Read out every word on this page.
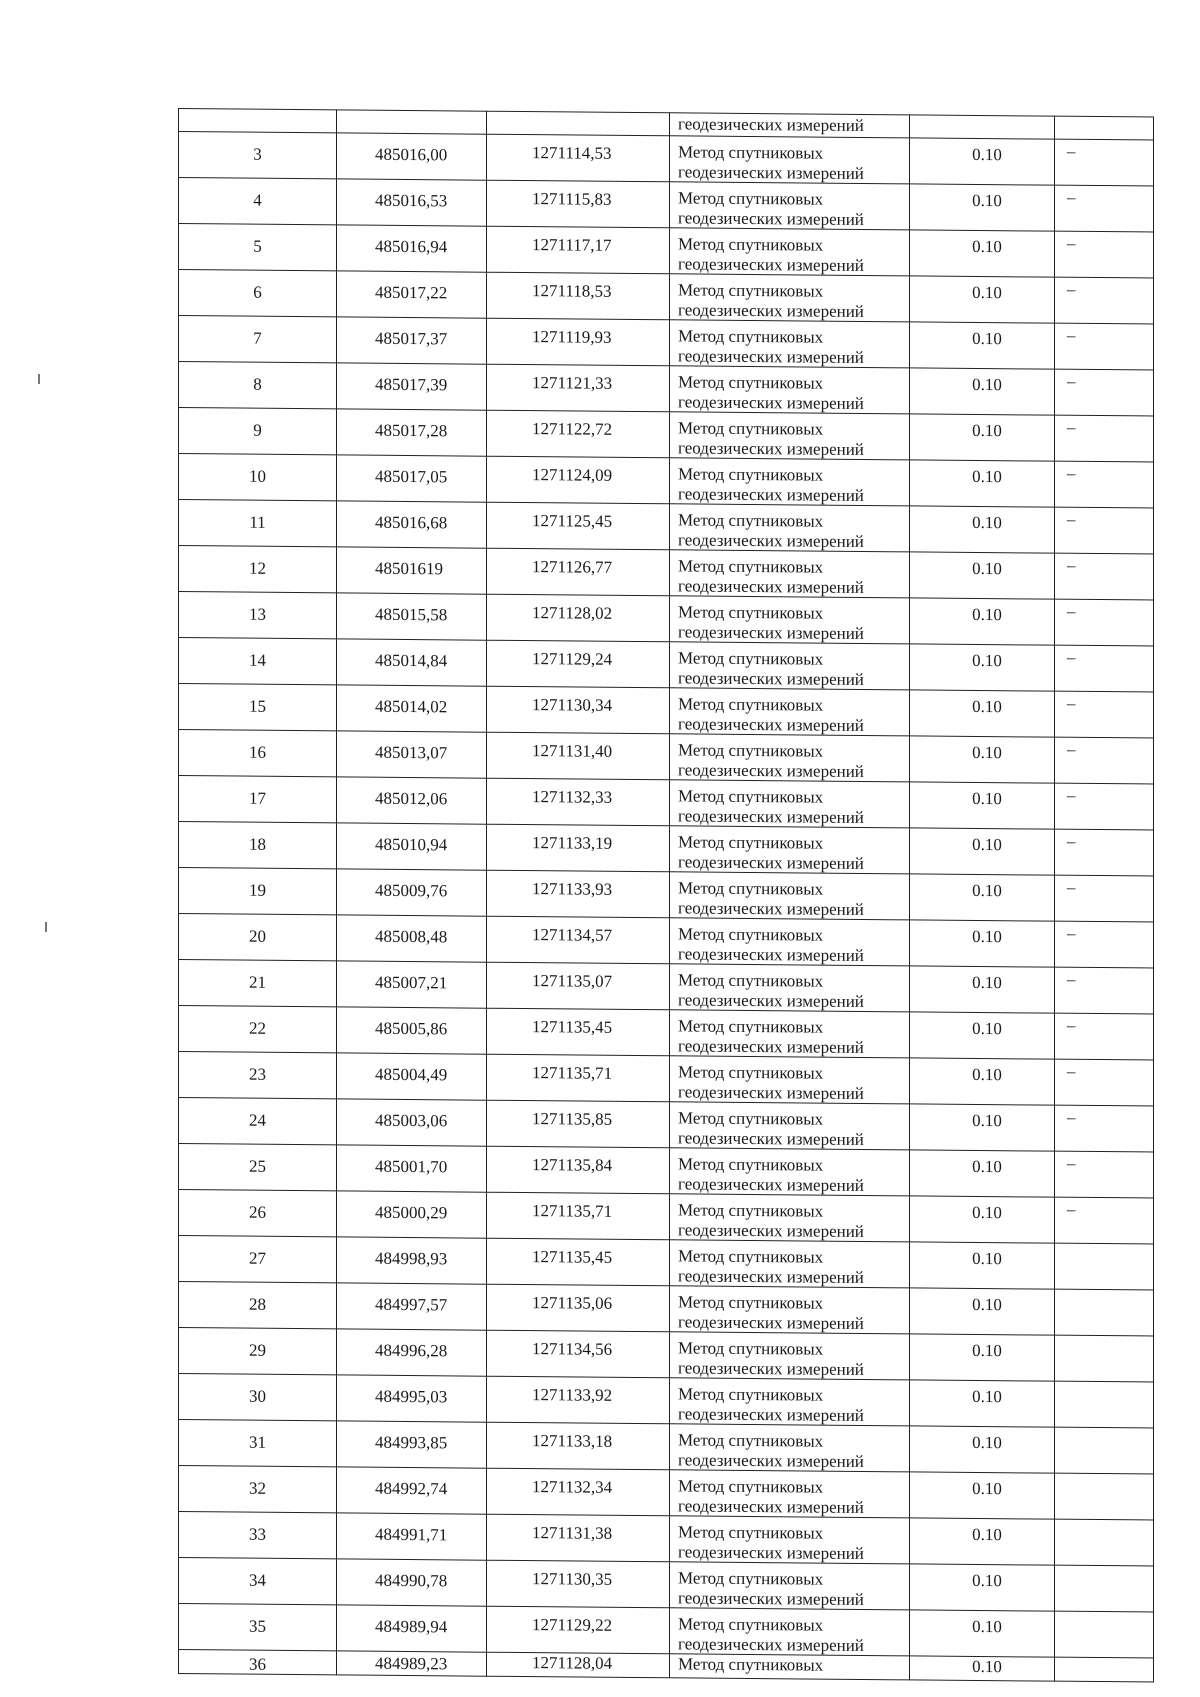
			геодезических измерений		

3	485016,00	1271114,53	Метод спутниковых
геодезических измерений	0.10	–

4	485016,53	1271115,83	Метод спутниковых
геодезических измерений	0.10	–

5	485016,94	1271117,17	Метод спутниковых
геодезических измерений	0.10	–

6	485017,22	1271118,53	Метод спутниковых
геодезических измерений	0.10	–

7	485017,37	1271119,93	Метод спутниковых
геодезических измерений	0.10	–

8	485017,39	1271121,33	Метод спутниковых
геодезических измерений	0.10	–

9	485017,28	1271122,72	Метод спутниковых
геодезических измерений	0.10	–

10	485017,05	1271124,09	Метод спутниковых
геодезических измерений	0.10	–

11	485016,68	1271125,45	Метод спутниковых
геодезических измерений	0.10	–

12	48501619	1271126,77	Метод спутниковых
геодезических измерений	0.10	–

13	485015,58	1271128,02	Метод спутниковых
геодезических измерений	0.10	–

14	485014,84	1271129,24	Метод спутниковых
геодезических измерений	0.10	–

15	485014,02	1271130,34	Метод спутниковых
геодезических измерений	0.10	–

16	485013,07	1271131,40	Метод спутниковых
геодезических измерений	0.10	–

17	485012,06	1271132,33	Метод спутниковых
геодезических измерений	0.10	–

18	485010,94	1271133,19	Метод спутниковых
геодезических измерений	0.10	–

19	485009,76	1271133,93	Метод спутниковых
геодезических измерений	0.10	–

20	485008,48	1271134,57	Метод спутниковых
геодезических измерений	0.10	–

21	485007,21	1271135,07	Метод спутниковых
геодезических измерений	0.10	–

22	485005,86	1271135,45	Метод спутниковых
геодезических измерений	0.10	–

23	485004,49	1271135,71	Метод спутниковых
геодезических измерений	0.10	–

24	485003,06	1271135,85	Метод спутниковых
геодезических измерений	0.10	–

25	485001,70	1271135,84	Метод спутниковых
геодезических измерений	0.10	–

26	485000,29	1271135,71	Метод спутниковых
геодезических измерений	0.10	–

27	484998,93	1271135,45	Метод спутниковых
геодезических измерений	0.10	

28	484997,57	1271135,06	Метод спутниковых
геодезических измерений	0.10	

29	484996,28	1271134,56	Метод спутниковых
геодезических измерений	0.10	

30	484995,03	1271133,92	Метод спутниковых
геодезических измерений	0.10	

31	484993,85	1271133,18	Метод спутниковых
геодезических измерений	0.10	

32	484992,74	1271132,34	Метод спутниковых
геодезических измерений	0.10	

33	484991,71	1271131,38	Метод спутниковых
геодезических измерений	0.10	

34	484990,78	1271130,35	Метод спутниковых
геодезических измерений	0.10	

35	484989,94	1271129,22	Метод спутниковых
геодезических измерений	0.10	

36	484989,23	1271128,04	Метод спутниковых	0.10	
